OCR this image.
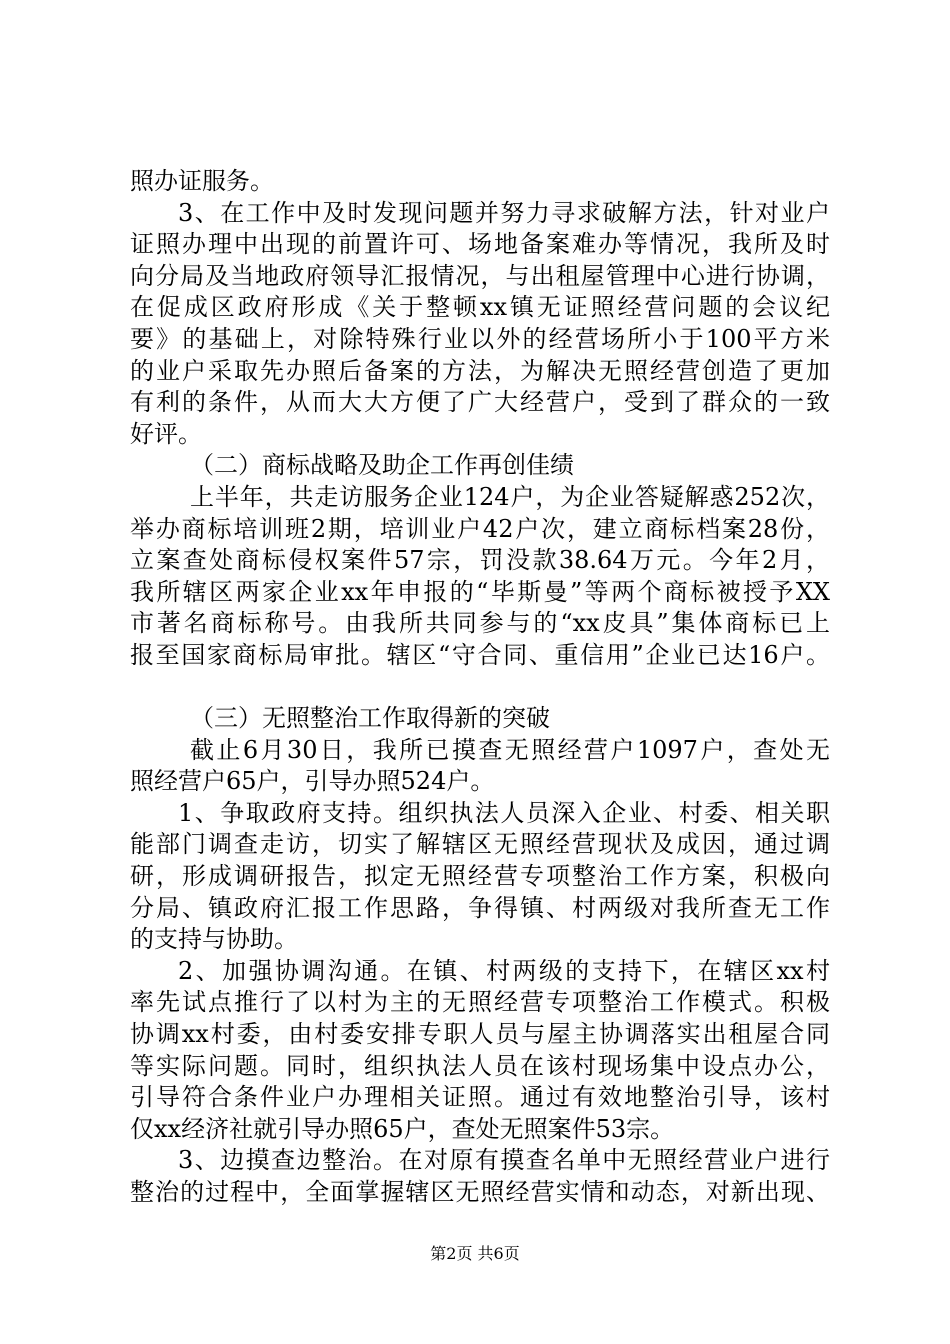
照办证服务。
3、在工作中及时发现问题并努力寻求破解方法，针对业户
证照办理中出现的前置许可、场地备案难办等情况，我所及时
向分局及当地政府领导汇报情况，与出租屋管理中心进行协调，
在促成区政府形成《关于整顿xx镇无证照经营问题的会议纪
要》的基础上，对除特殊行业以外的经营场所小于100平方米
的业户采取先办照后备案的方法，为解决无照经营创造了更加
有利的条件，从而大大方便了广大经营户，受到了群众的一致
好评。
（二）商标战略及助企工作再创佳绩
上半年，共走访服务企业124户，为企业答疑解惑252次，
举办商标培训班2期，培训业户42户次，建立商标档案28份，
立案查处商标侵权案件57宗，罚没款38.64万元。今年2月，
我所辖区两家企业xx年申报的“毕斯曼”等两个商标被授予XX
市著名商标称号。由我所共同参与的“xx皮具”集体商标已上
报至国家商标局审批。辖区“守合同、重信用”企业已达16户。
（三）无照整治工作取得新的突破
截止6月30日，我所已摸查无照经营户1097户，查处无
照经营户65户，引导办照524户。
1、争取政府支持。组织执法人员深入企业、村委、相关职
能部门调查走访，切实了解辖区无照经营现状及成因，通过调
研，形成调研报告，拟定无照经营专项整治工作方案，积极向
分局、镇政府汇报工作思路，争得镇、村两级对我所查无工作
的支持与协助。
2、加强协调沟通。在镇、村两级的支持下，在辖区xx村
率先试点推行了以村为主的无照经营专项整治工作模式。积极
协调xx村委，由村委安排专职人员与屋主协调落实出租屋合同
等实际问题。同时，组织执法人员在该村现场集中设点办公，
引导符合条件业户办理相关证照。通过有效地整治引导，该村
仅xx经济社就引导办照65户，查处无照案件53宗。
3、边摸查边整治。在对原有摸查名单中无照经营业户进行
整治的过程中，全面掌握辖区无照经营实情和动态，对新出现、
第2页 共6页
